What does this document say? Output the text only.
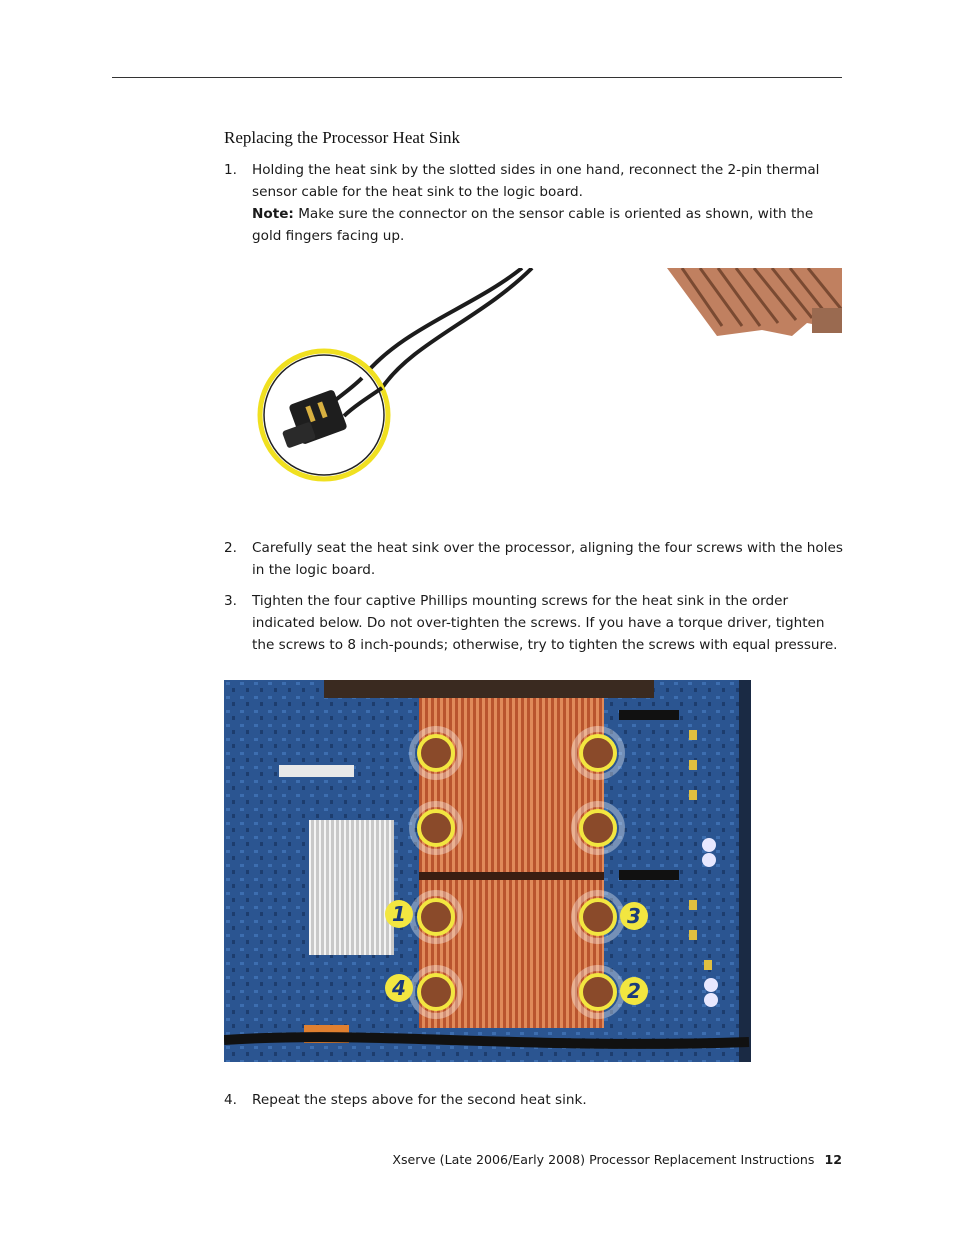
Replacing the Processor Heat Sink
1. Holding the heat sink by the slotted sides in one hand, reconnect the 2-pin thermal sensor cable for the heat sink to the logic board.
Note: Make sure the connector on the sensor cable is oriented as shown, with the gold fingers facing up.
2. Carefully seat the heat sink over the processor, aligning the four screws with the holes in the logic board.
3. Tighten the four captive Phillips mounting screws for the heat sink in the order indicated below. Do not over-tighten the screws. If you have a torque driver, tighten the screws to 8 inch-pounds; otherwise, try to tighten the screws with equal pressure.
1	3
4	2
4. Repeat the steps above for the second heat sink.
Xserve (Late 2006/Early 2008) Processor Replacement Instructions 12
